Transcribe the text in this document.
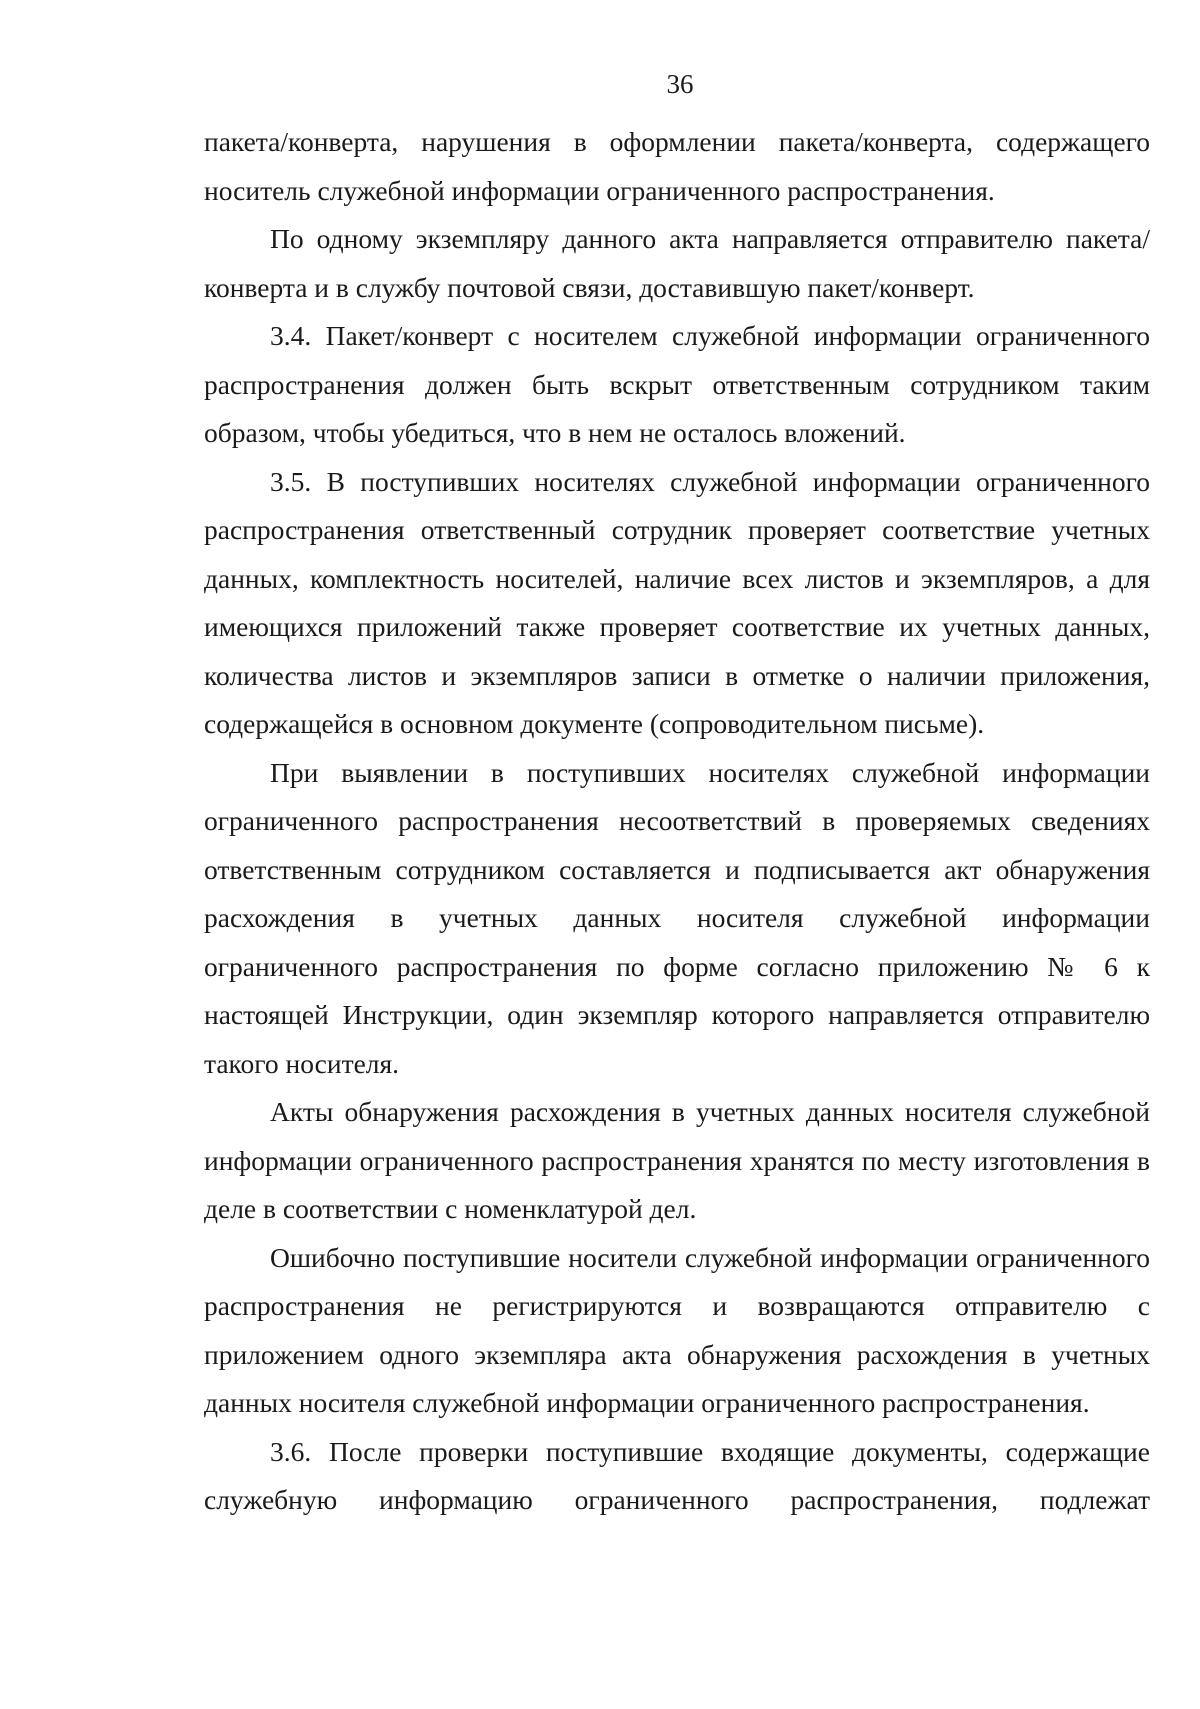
36

пакета/конверта, нарушения в оформлении пакета/конверта, содержащего носитель служебной информации ограниченного распространения.

По одному экземпляру данного акта направляется отправителю пакета/конверта и в службу почтовой связи, доставившую пакет/конверт.

3.4. Пакет/конверт с носителем служебной информации ограниченного распространения должен быть вскрыт ответственным сотрудником таким образом, чтобы убедиться, что в нем не осталось вложений.

3.5. В поступивших носителях служебной информации ограниченного распространения ответственный сотрудник проверяет соответствие учетных данных, комплектность носителей, наличие всех листов и экземпляров, а для имеющихся приложений также проверяет соответствие их учетных данных, количества листов и экземпляров записи в отметке о наличии приложения, содержащейся в основном документе (сопроводительном письме).

При выявлении в поступивших носителях служебной информации ограниченного распространения несоответствий в проверяемых сведениях ответственным сотрудником составляется и подписывается акт обнаружения расхождения в учетных данных носителя служебной информации ограниченного распространения по форме согласно приложению № 6 к настоящей Инструкции, один экземпляр которого направляется отправителю такого носителя.

Акты обнаружения расхождения в учетных данных носителя служебной информации ограниченного распространения хранятся по месту изготовления в деле в соответствии с номенклатурой дел.

Ошибочно поступившие носители служебной информации ограниченного распространения не регистрируются и возвращаются отправителю с приложением одного экземпляра акта обнаружения расхождения в учетных данных носителя служебной информации ограниченного распространения.

3.6. После проверки поступившие входящие документы, содержащие служебную информацию ограниченного распространения, подлежат
